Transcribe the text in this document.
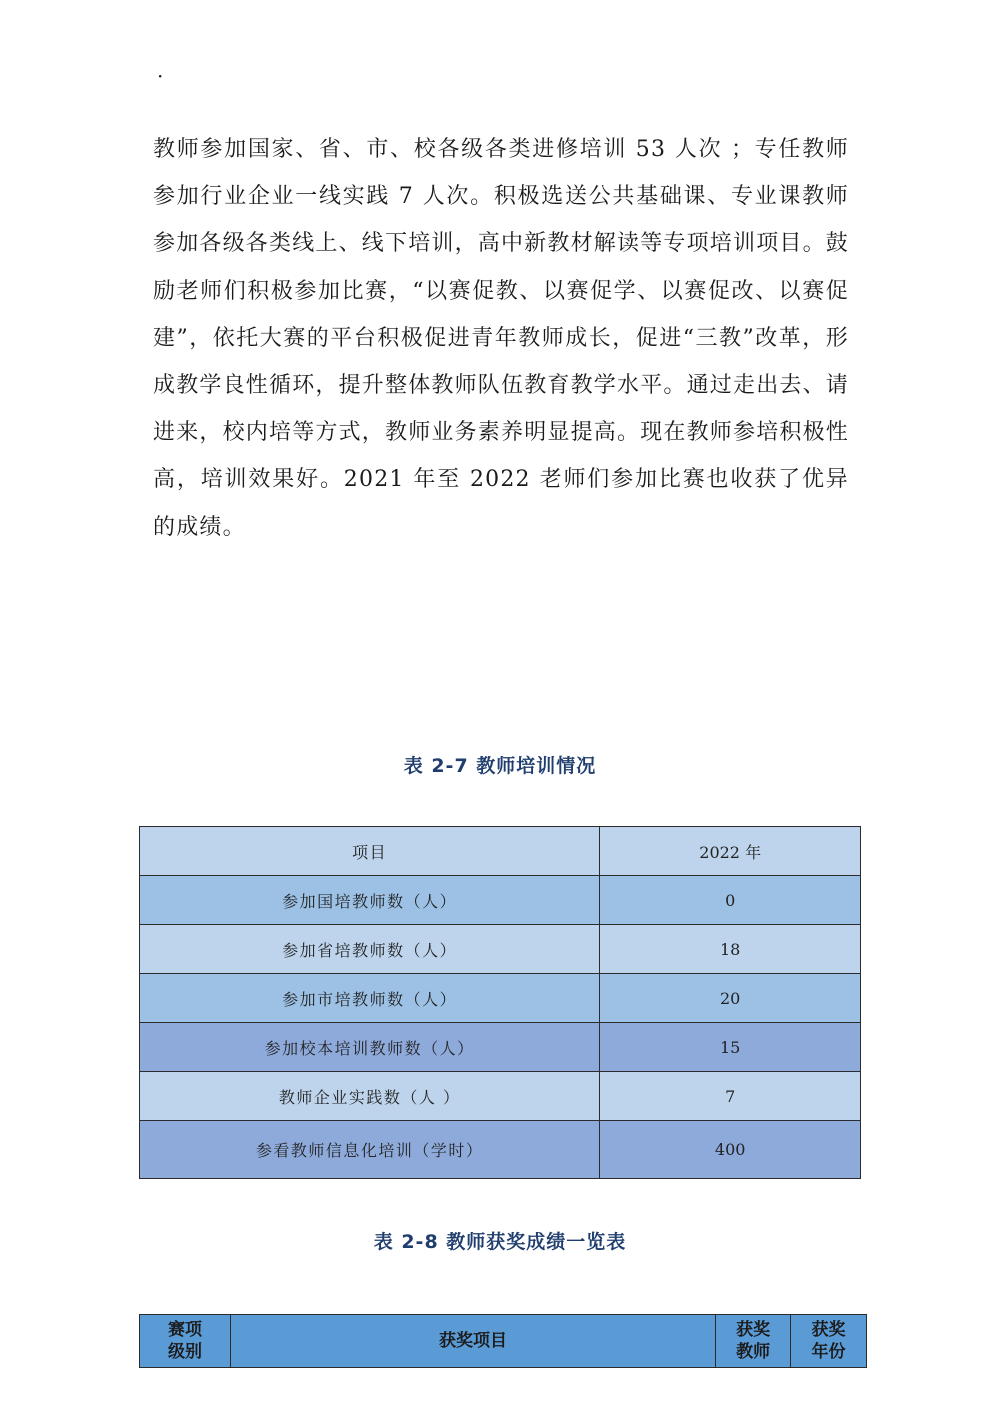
·

教师参加国家、省、市、校各级各类进修培训 53 人次 ；专任教师参加行业企业一线实践 7 人次。积极选送公共基础课、专业课教师参加各级各类线上、线下培训，高中新教材解读等专项培训项目。鼓励老师们积极参加比赛，“以赛促教、以赛促学、以赛促改、以赛促建”，依托大赛的平台积极促进青年教师成长，促进“三教”改革，形成教学良性循环，提升整体教师队伍教育教学水平。通过走出去、请进来，校内培等方式，教师业务素养明显提高。现在教师参培积极性高，培训效果好。2021 年至 2022 老师们参加比赛也收获了优异的成绩。

表 2-7 教师培训情况
项目	2022 年
参加国培教师数（人）	0
参加省培教师数（人）	18
参加市培教师数（人）	20
参加校本培训教师数（人）	15
教师企业实践数（人 ）	7
参看教师信息化培训（学时）	400
表 2-8 教师获奖成绩一览表
赛项级别	获奖项目	获奖教师	获奖年份
